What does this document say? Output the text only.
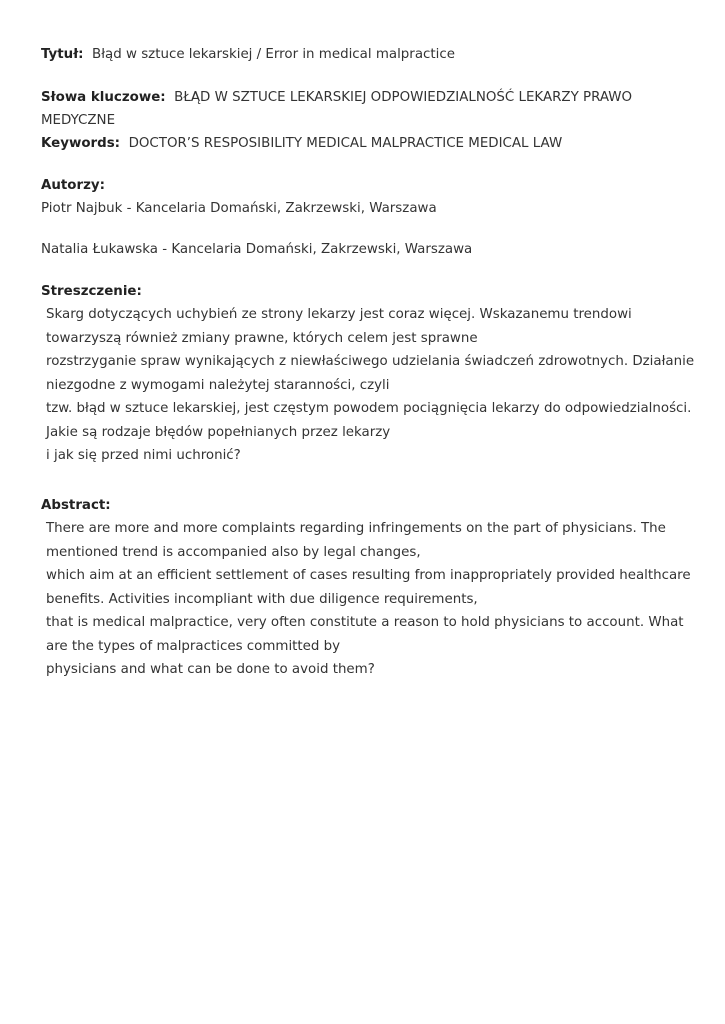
Tytuł: Błąd w sztuce lekarskiej / Error in medical malpractice
Słowa kluczowe: BŁĄD W SZTUCE LEKARSKIEJ ODPOWIEDZIALNOŚĆ LEKARZY PRAWO
MEDYCZNE
Keywords: DOCTOR’S RESPOSIBILITY MEDICAL MALPRACTICE MEDICAL LAW
Autorzy:
Piotr Najbuk - Kancelaria Domański, Zakrzewski, Warszawa
Natalia Łukawska - Kancelaria Domański, Zakrzewski, Warszawa
Streszczenie:
Skarg dotyczących uchybień ze strony lekarzy jest coraz więcej. Wskazanemu trendowi
towarzyszą również zmiany prawne, których celem jest sprawne
rozstrzyganie spraw wynikających z niewłaściwego udzielania świadczeń zdrowotnych. Działanie
niezgodne z wymogami należytej staranności, czyli
tzw. błąd w sztuce lekarskiej, jest częstym powodem pociągnięcia lekarzy do odpowiedzialności.
Jakie są rodzaje błędów popełnianych przez lekarzy
i jak się przed nimi uchronić?
Abstract:
There are more and more complaints regarding infringements on the part of physicians. The
mentioned trend is accompanied also by legal changes,
which aim at an efficient settlement of cases resulting from inappropriately provided healthcare
benefits. Activities incompliant with due diligence requirements,
that is medical malpractice, very often constitute a reason to hold physicians to account. What
are the types of malpractices committed by
physicians and what can be done to avoid them?
